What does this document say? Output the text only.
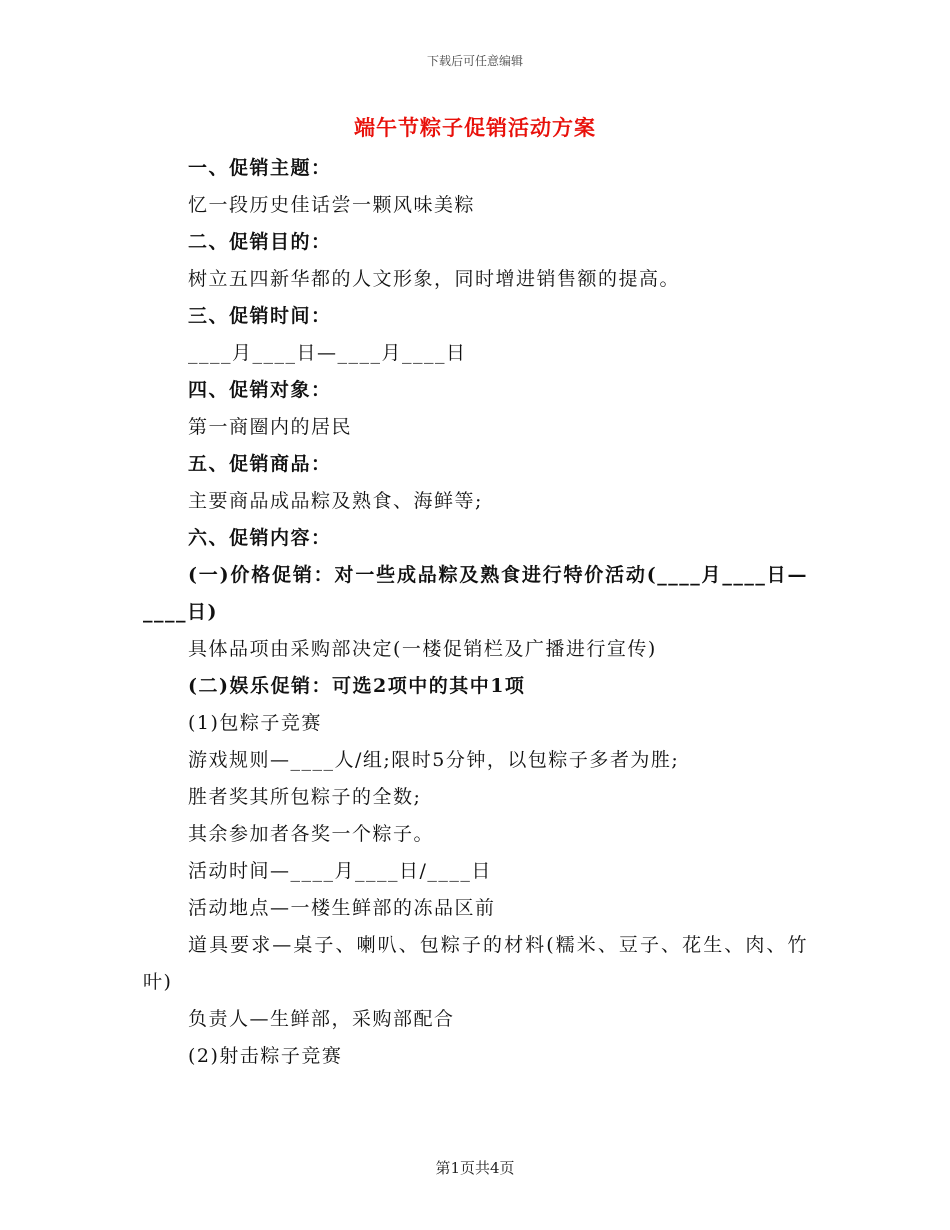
下载后可任意编辑
端午节粽子促销活动方案
一、促销主题：
忆一段历史佳话尝一颗风味美粽
二、促销目的：
树立五四新华都的人文形象，同时增进销售额的提高。
三、促销时间：
____月____日—____月____日
四、促销对象：
第一商圈内的居民
五、促销商品：
主要商品成品粽及熟食、海鲜等;
六、促销内容：
(一)价格促销：对一些成品粽及熟食进行特价活动(____月____日—____日)
具体品项由采购部决定(一楼促销栏及广播进行宣传)
(二)娱乐促销：可选2项中的其中1项
(1)包粽子竞赛
游戏规则—____人/组;限时5分钟，以包粽子多者为胜;
胜者奖其所包粽子的全数;
其余参加者各奖一个粽子。
活动时间—____月____日/____日
活动地点—一楼生鲜部的冻品区前
道具要求—桌子、喇叭、包粽子的材料(糯米、豆子、花生、肉、竹叶)
负责人—生鲜部，采购部配合
(2)射击粽子竞赛
第1页共4页
